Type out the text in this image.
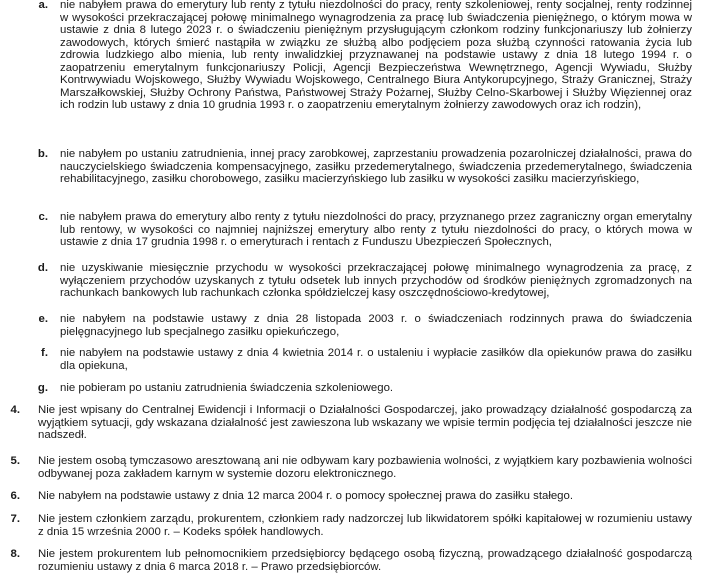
a.	nie nabyłem prawa do emerytury lub renty z tytułu niezdolności do pracy, renty szkoleniowej, renty socjalnej, renty rodzinnej w wysokości przekraczającej połowę minimalnego wynagrodzenia za pracę lub świadczenia pieniężnego, o którym mowa w ustawie z dnia 8 lutego 2023 r. o świadczeniu pieniężnym przysługującym członkom rodziny funkcjonariuszy lub żołnierzy zawodowych, których śmierć nastąpiła w związku ze służbą albo podjęciem poza służbą czynności ratowania życia lub zdrowia ludzkiego albo mienia, lub renty inwalidzkiej przyznawanej na podstawie ustawy z dnia 18 lutego 1994 r. o zaopatrzeniu emerytalnym funkcjonariuszy Policji, Agencji Bezpieczeństwa Wewnętrznego, Agencji Wywiadu, Służby Kontrwywiadu Wojskowego, Służby Wywiadu Wojskowego, Centralnego Biura Antykorupcyjnego, Straży Granicznej, Straży Marszałkowskiej, Służby Ochrony Państwa, Państwowej Straży Pożarnej, Służby Celno-Skarbowej i Służby Więziennej oraz ich rodzin lub ustawy z dnia 10 grudnia 1993 r. o zaopatrzeniu emerytalnym żołnierzy zawodowych oraz ich rodzin),
b.	nie nabyłem po ustaniu zatrudnienia, innej pracy zarobkowej, zaprzestaniu prowadzenia pozarolniczej działalności, prawa do nauczycielskiego świadczenia kompensacyjnego, zasiłku przedemerytalnego, świadczenia przedemerytalnego, świadczenia rehabilitacyjnego, zasiłku chorobowego, zasiłku macierzyńskiego lub zasiłku w wysokości zasiłku macierzyńskiego,
c.	nie nabyłem prawa do emerytury albo renty z tytułu niezdolności do pracy, przyznanego przez zagraniczny organ emerytalny lub rentowy, w wysokości co najmniej najniższej emerytury albo renty z tytułu niezdolności do pracy, o których mowa w ustawie z dnia 17 grudnia 1998 r. o emeryturach i rentach z Funduszu Ubezpieczeń Społecznych,
d.	nie uzyskiwanie miesięcznie przychodu w wysokości przekraczającej połowę minimalnego wynagrodzenia za pracę, z wyłączeniem przychodów uzyskanych z tytułu odsetek lub innych przychodów od środków pieniężnych zgromadzonych na rachunkach bankowych lub rachunkach członka spółdzielczej kasy oszczędnościowo-kredytowej,
e.	nie nabyłem na podstawie ustawy z dnia 28 listopada 2003 r. o świadczeniach rodzinnych prawa do świadczenia pielęgnacyjnego lub specjalnego zasiłku opiekuńczego,
f.	nie nabyłem na podstawie ustawy z dnia 4 kwietnia 2014 r. o ustaleniu i wypłacie zasiłków dla opiekunów prawa do zasiłku dla opiekuna,
g.	nie pobieram po ustaniu zatrudnienia świadczenia szkoleniowego.
4.	Nie jest wpisany do Centralnej Ewidencji i Informacji o Działalności Gospodarczej, jako prowadzący działalność gospodarczą za wyjątkiem sytuacji, gdy wskazana działalność jest zawieszona lub wskazany we wpisie termin podjęcia tej działalności jeszcze nie nadszedł.
5.	Nie jestem osobą tymczasowo aresztowaną ani nie odbywam kary pozbawienia wolności, z wyjątkiem kary pozbawienia wolności odbywanej poza zakładem karnym w systemie dozoru elektronicznego.
6.	Nie nabyłem na podstawie ustawy z dnia 12 marca 2004 r. o pomocy społecznej prawa do zasiłku stałego.
7.	Nie jestem członkiem zarządu, prokurentem, członkiem rady nadzorczej lub likwidatorem spółki kapitałowej w rozumieniu ustawy z dnia 15 września 2000 r. – Kodeks spółek handlowych.
8.	Nie jestem prokurentem lub pełnomocnikiem przedsiębiorcy będącego osobą fizyczną, prowadzącego działalność gospodarczą rozumieniu ustawy z dnia 6 marca 2018 r. – Prawo przedsiębiorców.
